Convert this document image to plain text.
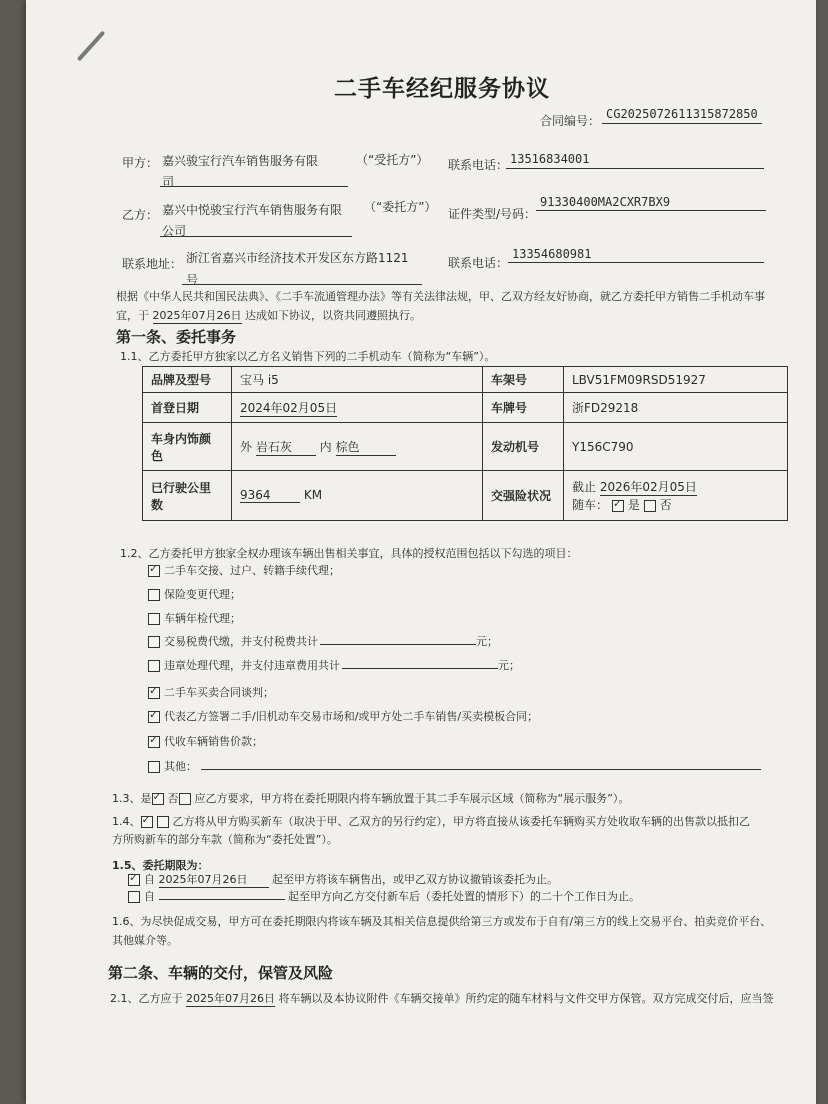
二手车经纪服务协议
合同编号： CG2025072611315872850
甲方： 嘉兴骏宝行汽车销售服务有限	（“受托方”）
司
联系电话： 13516834001
乙方： 嘉兴中悦骏宝行汽车销售服务有限 （“委托方”）
公司
证件类型/号码：
91330400MA2CXR7BX9
联系地址： 浙江省嘉兴市经济技术开发区东方路1121
号
联系电话：
13354680981
根据《中华人民共和国民法典》、《二手车流通管理办法》等有关法律法规，甲、乙双方经友好协商，就乙方委托甲方销售二手机动车事
宜，于 2025年07月26日 达成如下协议，以资共同遵照执行。
第一条、委托事务
1.1、乙方委托甲方独家以乙方名义销售下列的二手机动车（简称为“车辆”）。
品牌及型号	宝马 i5	车架号	LBV51FM09RSD51927
首登日期	2024年02月05日	车牌号	浙FD29218
车身内饰颜
色	外 岩石灰 内 棕色	发动机号	Y156C790
已行驶公里
数	9364 KM	交强险状况	截止 2026年02月05日
随车： ✓ 是 否
1.2、乙方委托甲方独家全权办理该车辆出售相关事宜，具体的授权范围包括以下勾选的项目：
✓二手车交接、过户、转籍手续代理；
保险变更代理；
车辆年检代理；
交易税费代缴，并支付税费共计	元；
违章处理代理，并支付违章费用共计	元；
✓二手车买卖合同谈判；
✓代表乙方签署二手/旧机动车交易市场和/或甲方处二手车销售/买卖模板合同；
✓代收车辆销售价款；
其他：
1.3、是 ✓ 否 应乙方要求，甲方将在委托期限内将车辆放置于其二手车展示区域（简称为“展示服务”）。
1.4、 ✓	乙方将从甲方购买新车（取决于甲、乙双方的另行约定），甲方将直接从该委托车辆购买方处收取车辆的出售款以抵扣乙
方所购新车的部分车款（简称为“委托处置”）。
1.5、委托期限为：
✓自 2025年07月26日 起至甲方将该车辆售出，或甲乙双方协议撤销该委托为止。
自	起至甲方向乙方交付新车后（委托处置的情形下）的二十个工作日为止。
1.6、为尽快促成交易，甲方可在委托期限内将该车辆及其相关信息提供给第三方或发布于自有/第三方的线上交易平台、拍卖竞价平台、
其他媒介等。
第二条、车辆的交付，保管及风险
2.1、乙方应于 2025年07月26日 将车辆以及本协议附件《车辆交接单》所约定的随车材料与文件交甲方保管。双方完成交付后，应当签
